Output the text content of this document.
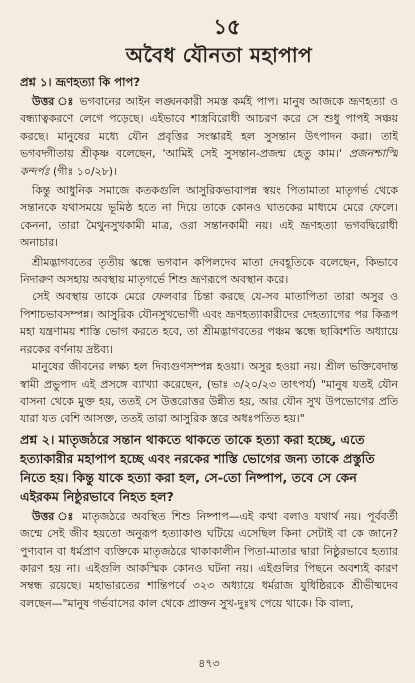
১৫
অবৈধ যৌনতা মহাপাপ
প্রশ্ন ১। ভ্রূণহত্যা কি পাপ?

উত্তর ঃ ভগবানের আইন লঙ্ঘনকারী সমস্ত কর্মই পাপ। মানুষ আজকে ভ্রূণহত্যা ও বন্ধ্যাত্বকরণে লেগে পড়েছে। এইভাবে শাস্ত্রবিরোধী আচরণ করে সে শুধু পাপই সঞ্চয় করছে। মানুষের মধ্যে যৌন প্রবৃত্তির সংস্কারই হল সুসন্তান উৎপাদন করা। তাই ভগবদ্গীতায় শ্রীকৃষ্ণ বলেছেন, 'আমিই সেই সুসন্তান-প্রজন্ম হেতু কাম।' প্রজনশ্চাস্মি কন্দর্পঃ (গীঃ ১০/২৮)।

কিন্তু আধুনিক সমাজে কতকগুলি আসুরিকভাবাপন্ন স্বয়ং পিতামাতা মাতৃগর্ভ থেকে সন্তানকে যথাসময়ে ভূমিষ্ঠ হতে না দিয়ে তাকে কোনও ঘাতকের মাধ্যমে মেরে ফেলে। কেননা, তারা মৈথুনসুখকামী মাত্র, ওরা সন্তানকামী নয়। এই ভ্রূণহত্যা ভগবদ্বিরোধী অনাচার।

শ্রীমদ্ভাগবতের তৃতীয় স্কন্ধে ভগবান কপিলদেব মাতা দেবহূতিকে বলেছেন, কিভাবে নিদারুণ অসহায় অবস্থায় মাতৃগর্ভে শিশু ভ্রূণরূপে অবস্থান করে।

সেই অবস্থায় তাকে মেরে ফেলবার চিন্তা করছে যে-সব মাতাপিতা তারা অসুর ও পিশাচভাবসম্পন্ন। আসুরিক যৌনসুখভোগী এবং ভ্রূণহত্যাকারীদের দেহত্যাগের পর কিরূপ মহা যন্ত্রণাময় শাস্তি ভোগ করতে হবে, তা শ্রীমদ্ভাগবতের পঞ্চম স্কন্ধে ছাব্বিশতি অধ্যায়ে নরকের বর্ণনায় দ্রষ্টব্য।

মানুষের জীবনের লক্ষ্য হল দিব্যগুণসম্পন্ন হওয়া। অসুর হওয়া নয়। শ্রীল ভক্তিবেদান্ত স্বামী প্রভুপাদ এই প্রসঙ্গে ব্যাখ্যা করেছেন, (ভাঃ ৩/২০/২৩ তাৎপর্য) "মানুষ যতই যৌন বাসনা থেকে মুক্ত হয়, ততই সে উত্তরোত্তর উন্নীত হয়, আর যৌন সুখ উপভোগের প্রতি যারা যত বেশি আসক্ত, ততই তারা আসুরিক স্তরে অধঃপতিত হয়।"

প্রশ্ন ২। মাতৃজঠরে সন্তান থাকতে থাকতে তাকে হত্যা করা হচ্ছে, এতে হত্যাকারীর মহাপাপ হচ্ছে এবং নরকের শাস্তি ভোগের জন্য তাকে প্রস্তুতি নিতে হয়। কিন্তু যাকে হত্যা করা হল, সে-তো নিষ্পাপ, তবে সে কেন এইরকম নিষ্ঠুরভাবে নিহত হল?

উত্তর ঃ মাতৃজঠরে অবস্থিত শিশু নিষ্পাপ—এই কথা বলাও যথার্থ নয়। পূর্ববর্তী জন্মে সেই জীব হয়তো অনুরূপ হত্যাকাণ্ড ঘটিয়ে এসেছিল কিনা সেটাই বা কে জানে? পুণ্যবান বা ধর্মপ্রাণ ব্যক্তিকে মাতৃজঠরে থাকাকালীন পিতা-মাতার দ্বারা নিষ্ঠুরভাবে হত্যার কারণ হয় না। এইগুলি আকস্মিক কোনও ঘটনা নয়। এইগুলির পিছনে অবশ্যই কারণ সম্বন্ধ রয়েছে। মহাভারতের শান্তিপর্বে ৩২৩ অধ্যায়ে ধর্মরাজ যুধিষ্ঠিরকে শ্রীভীষ্মদেব বলছেন—"মানুষ গর্ভবাসের কাল থেকে প্রাক্তন সুখ-দুঃখ পেয়ে থাকে। কি বাল্য,

৪৭৩
